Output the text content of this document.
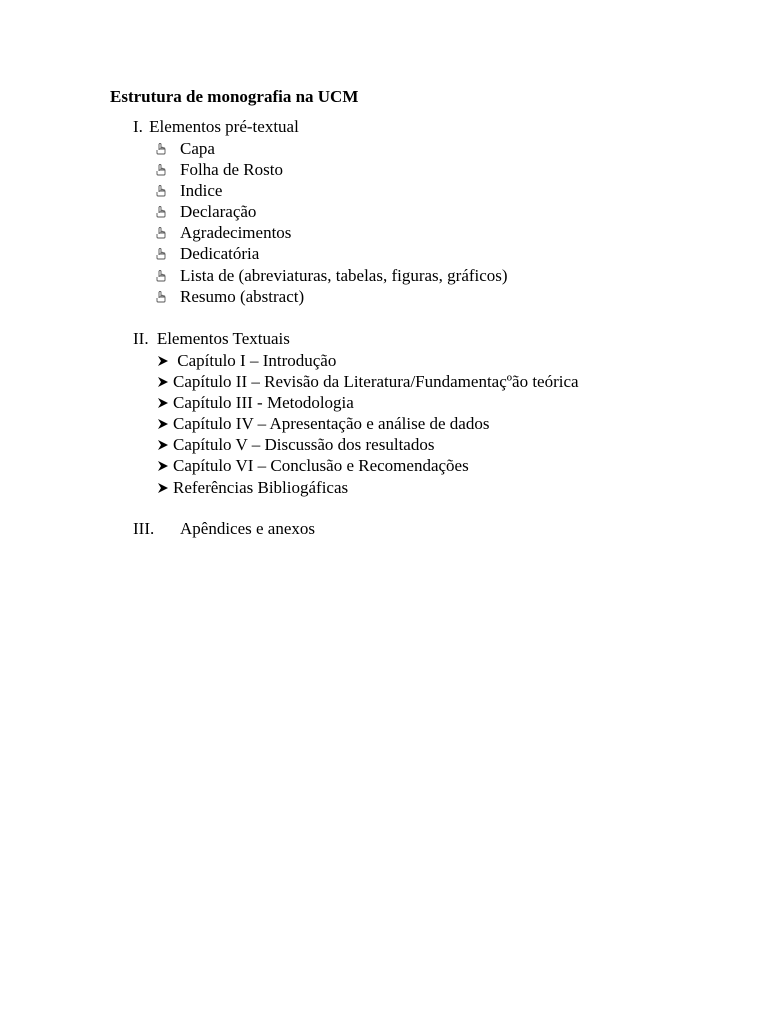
Estrutura de monografia na UCM
I. Elementos pré-textual
Capa
Folha de Rosto
Indice
Declaração
Agradecimentos
Dedicatória
Lista de (abreviaturas, tabelas, figuras, gráficos)
Resumo (abstract)
II. Elementos Textuais
Capítulo I – Introdução
Capítulo II – Revisão da Literatura/Fundamentaçºão teórica
Capítulo III - Metodologia
Capítulo IV – Apresentação e análise de dados
Capítulo V – Discussão dos resultados
Capítulo VI – Conclusão e Recomendações
Referências Bibliogáficas
III. Apêndices e anexos
